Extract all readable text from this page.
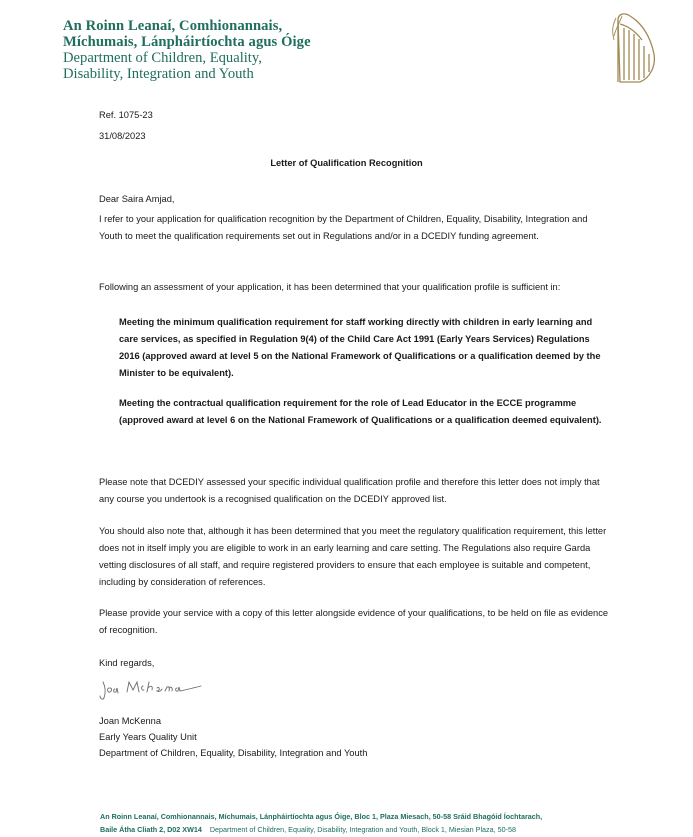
An Roinn Leanaí, Comhionannais,
Míchumais, Lánpháirtíochta agus Óige
Department of Children, Equality,
Disability, Integration and Youth
Ref. 1075-23
31/08/2023
Letter of Qualification Recognition
Dear Saira Amjad,
I refer to your application for qualification recognition by the Department of Children, Equality, Disability, Integration and Youth to meet the qualification requirements set out in Regulations and/or in a DCEDIY funding agreement.
Following an assessment of your application, it has been determined that your qualification profile is sufficient in:
Meeting the minimum qualification requirement for staff working directly with children in early learning and care services, as specified in Regulation 9(4) of the Child Care Act 1991 (Early Years Services) Regulations 2016 (approved award at level 5 on the National Framework of Qualifications or a qualification deemed by the Minister to be equivalent).
Meeting the contractual qualification requirement for the role of Lead Educator in the ECCE programme (approved award at level 6 on the National Framework of Qualifications or a qualification deemed equivalent).
Please note that DCEDIY assessed your specific individual qualification profile and therefore this letter does not imply that any course you undertook is a recognised qualification on the DCEDIY approved list.
You should also note that, although it has been determined that you meet the regulatory qualification requirement, this letter does not in itself imply you are eligible to work in an early learning and care setting. The Regulations also require Garda vetting disclosures of all staff, and require registered providers to ensure that each employee is suitable and competent, including by consideration of references.
Please provide your service with a copy of this letter alongside evidence of your qualifications, to be held on file as evidence of recognition.
Kind regards,
Joan McKenna
Early Years Quality Unit
Department of Children, Equality, Disability, Integration and Youth
An Roinn Leanaí, Comhionannais, Míchumais, Lánpháirtíochta agus Óige, Bloc 1, Plaza Miesach, 50-58 Sráid Bhagóid Íochtarach,
Baile Átha Cliath 2, D02 XW14 Department of Children, Equality, Disability, Integration and Youth, Block 1, Miesian Plaza, 50-58
